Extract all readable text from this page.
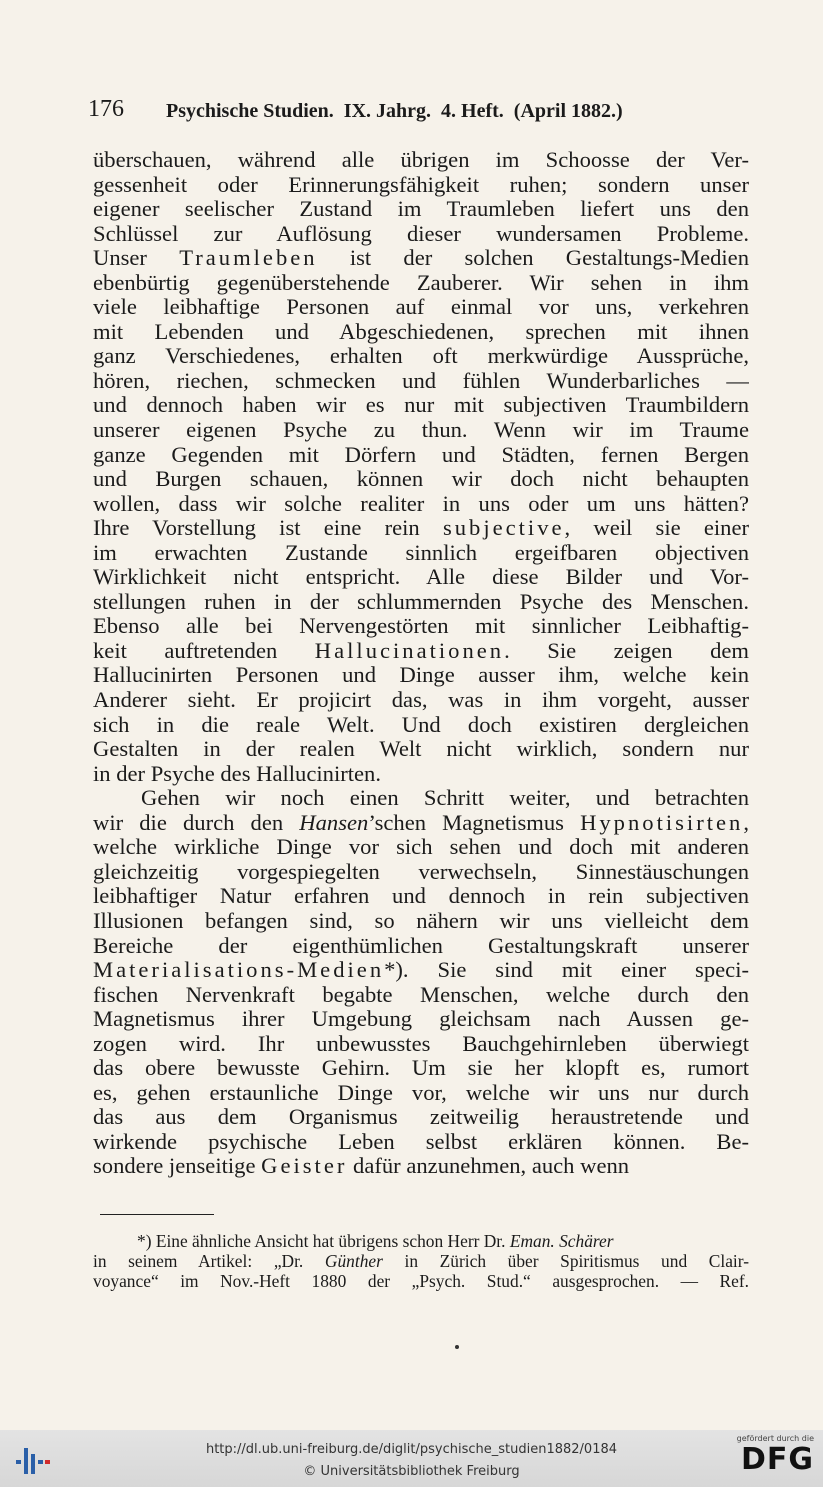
176 Psychische Studien.  IX. Jahrg.  4. Heft.  (April 1882.)
überschauen, während alle übrigen im Schoosse der Ver-
gessenheit oder Erinnerungsfähigkeit ruhen; sondern unser
eigener seelischer Zustand im Traumleben liefert uns den
Schlüssel zur Auflösung dieser wundersamen Probleme.
Unser Traumleben ist der solchen Gestaltungs-Medien
ebenbürtig gegenüberstehende Zauberer. Wir sehen in ihm
viele leibhaftige Personen auf einmal vor uns, verkehren
mit Lebenden und Abgeschiedenen, sprechen mit ihnen
ganz Verschiedenes, erhalten oft merkwürdige Aussprüche,
hören, riechen, schmecken und fühlen Wunderbarliches —
und dennoch haben wir es nur mit subjectiven Traumbildern
unserer eigenen Psyche zu thun. Wenn wir im Traume
ganze Gegenden mit Dörfern und Städten, fernen Bergen
und Burgen schauen, können wir doch nicht behaupten
wollen, dass wir solche realiter in uns oder um uns hätten?
Ihre Vorstellung ist eine rein subjective, weil sie einer
im erwachten Zustande sinnlich ergeifbaren objectiven
Wirklichkeit nicht entspricht. Alle diese Bilder und Vor-
stellungen ruhen in der schlummernden Psyche des Menschen.
Ebenso alle bei Nervengestörten mit sinnlicher Leibhaftig-
keit auftretenden Hallucinationen. Sie zeigen dem
Hallucinirten Personen und Dinge ausser ihm, welche kein
Anderer sieht. Er projicirt das, was in ihm vorgeht, ausser
sich in die reale Welt. Und doch existiren dergleichen
Gestalten in der realen Welt nicht wirklich, sondern nur
in der Psyche des Hallucinirten.
Gehen wir noch einen Schritt weiter, und betrachten
wir die durch den Hansen’schen Magnetismus Hypnotisirten,
welche wirkliche Dinge vor sich sehen und doch mit anderen
gleichzeitig vorgespiegelten verwechseln, Sinnestäuschungen
leibhaftiger Natur erfahren und dennoch in rein subjectiven
Illusionen befangen sind, so nähern wir uns vielleicht dem
Bereiche der eigenthümlichen Gestaltungskraft unserer
Materialisations-Medien*). Sie sind mit einer speci-
fischen Nervenkraft begabte Menschen, welche durch den
Magnetismus ihrer Umgebung gleichsam nach Aussen ge-
zogen wird. Ihr unbewusstes Bauchgehirnleben überwiegt
das obere bewusste Gehirn. Um sie her klopft es, rumort
es, gehen erstaunliche Dinge vor, welche wir uns nur durch
das aus dem Organismus zeitweilig heraustretende und
wirkende psychische Leben selbst erklären können. Be-
sondere jenseitige Geister dafür anzunehmen, auch wenn
*) Eine ähnliche Ansicht hat übrigens schon Herr Dr. Eman. Schärer
in seinem Artikel: „Dr. Günther in Zürich über Spiritismus und Clair-
voyance“ im Nov.-Heft 1880 der „Psych. Stud.“ ausgesprochen. — Ref.
http://dl.ub.uni-freiburg.de/diglit/psychische_studien1882/0184
© Universitätsbibliothek Freiburg
gefördert durch die
DFG
